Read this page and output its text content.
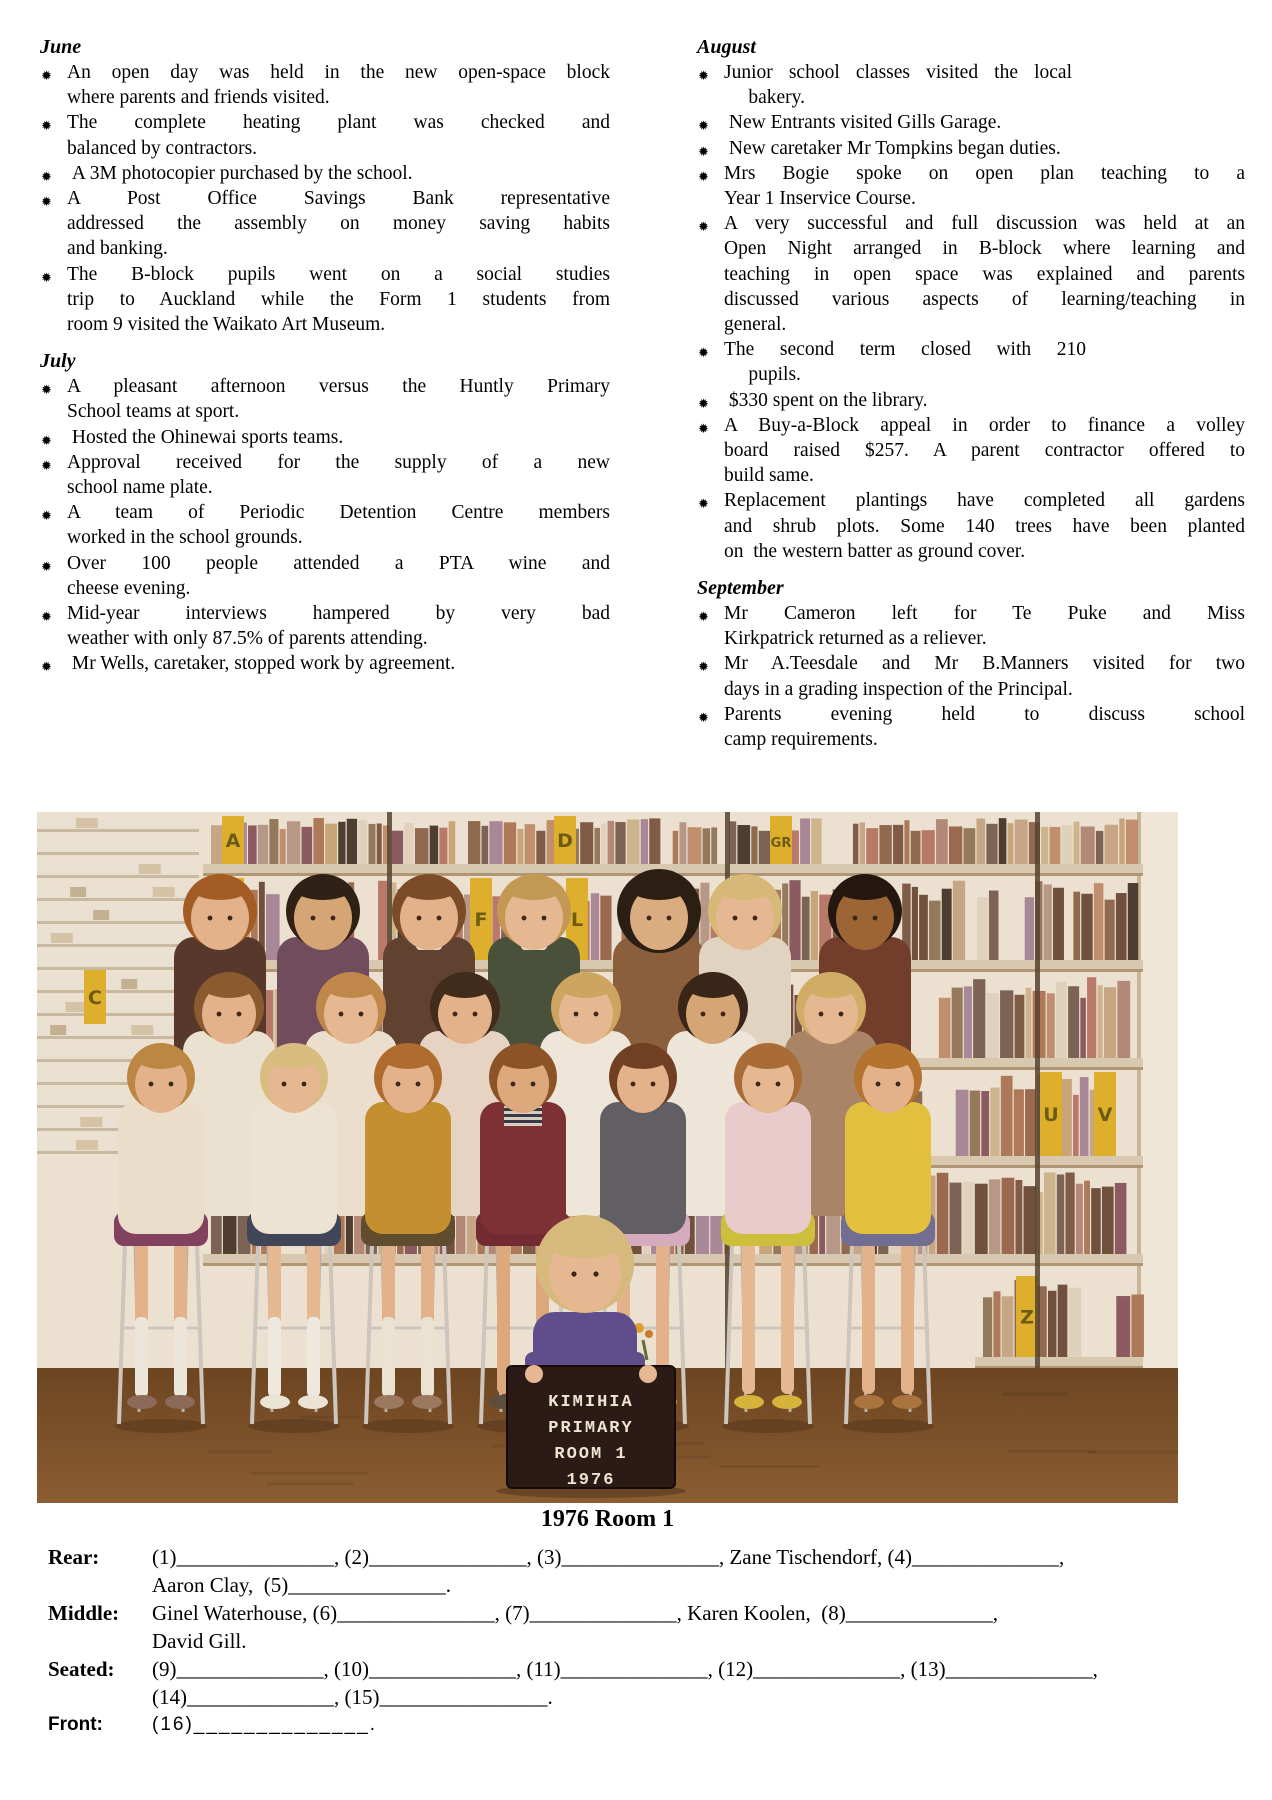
June
✹ An open day was held in the new open-space block
where parents and friends visited.
✹ The complete heating plant was checked and
balanced by contractors.
✹ A 3M photocopier purchased by the school.
✹ A Post Office Savings Bank representative
addressed the assembly on money saving habits
and banking.
✹ The B-block pupils went on a social studies
trip to Auckland while the Form 1 students from
room 9 visited the Waikato Art Museum.
July
✹ A pleasant afternoon versus the Huntly Primary
School teams at sport.
✹ Hosted the Ohinewai sports teams.
✹ Approval received for the supply of a new
school name plate.
✹ A team of Periodic Detention Centre members
worked in the school grounds.
✹ Over 100 people attended a PTA wine and
cheese evening.
✹ Mid-year interviews hampered by very bad
weather with only 87.5% of parents attending.
✹ Mr Wells, caretaker, stopped work by agreement.
August
✹ Junior school classes visited the local
bakery.
✹ New Entrants visited Gills Garage.
✹ New caretaker Mr Tompkins began duties.
✹ Mrs Bogie spoke on open plan teaching to a
Year 1 Inservice Course.
✹ A very successful and full discussion was held at an
Open Night arranged in B-block where learning and
teaching in open space was explained and parents
discussed various aspects of learning/teaching in
general.
✹ The second term closed with 210
pupils.
✹ $330 spent on the library.
✹ A Buy-a-Block appeal in order to finance a volley
board raised $257. A parent contractor offered to
build same.
✹ Replacement plantings have completed all gardens
and shrub plots. Some 140 trees have been planted
on  the western batter as ground cover.
September
✹ Mr Cameron left for Te Puke and Miss
Kirkpatrick returned as a reliever.
✹ Mr A.Teesdale and Mr B.Manners visited for two
days in a grading inspection of the Principal.
✹ Parents evening held to discuss school
camp requirements.
A	D	GR
F	L
C
U V
Z
KIMIHIA
PRIMARY
ROOM 1
1976
1976 Room 1
Rear:	(1)_______________, (2)_______________, (3)_______________, Zane Tischendorf, (4)______________,
Aaron Clay,  (5)_______________.
Middle:	Ginel Waterhouse, (6)_______________, (7)______________, Karen Koolen,  (8)______________,
David Gill.
Seated:	(9)______________, (10)______________, (11)______________, (12)______________, (13)______________,
(14)______________, (15)________________.
Front:	(16)______________.
